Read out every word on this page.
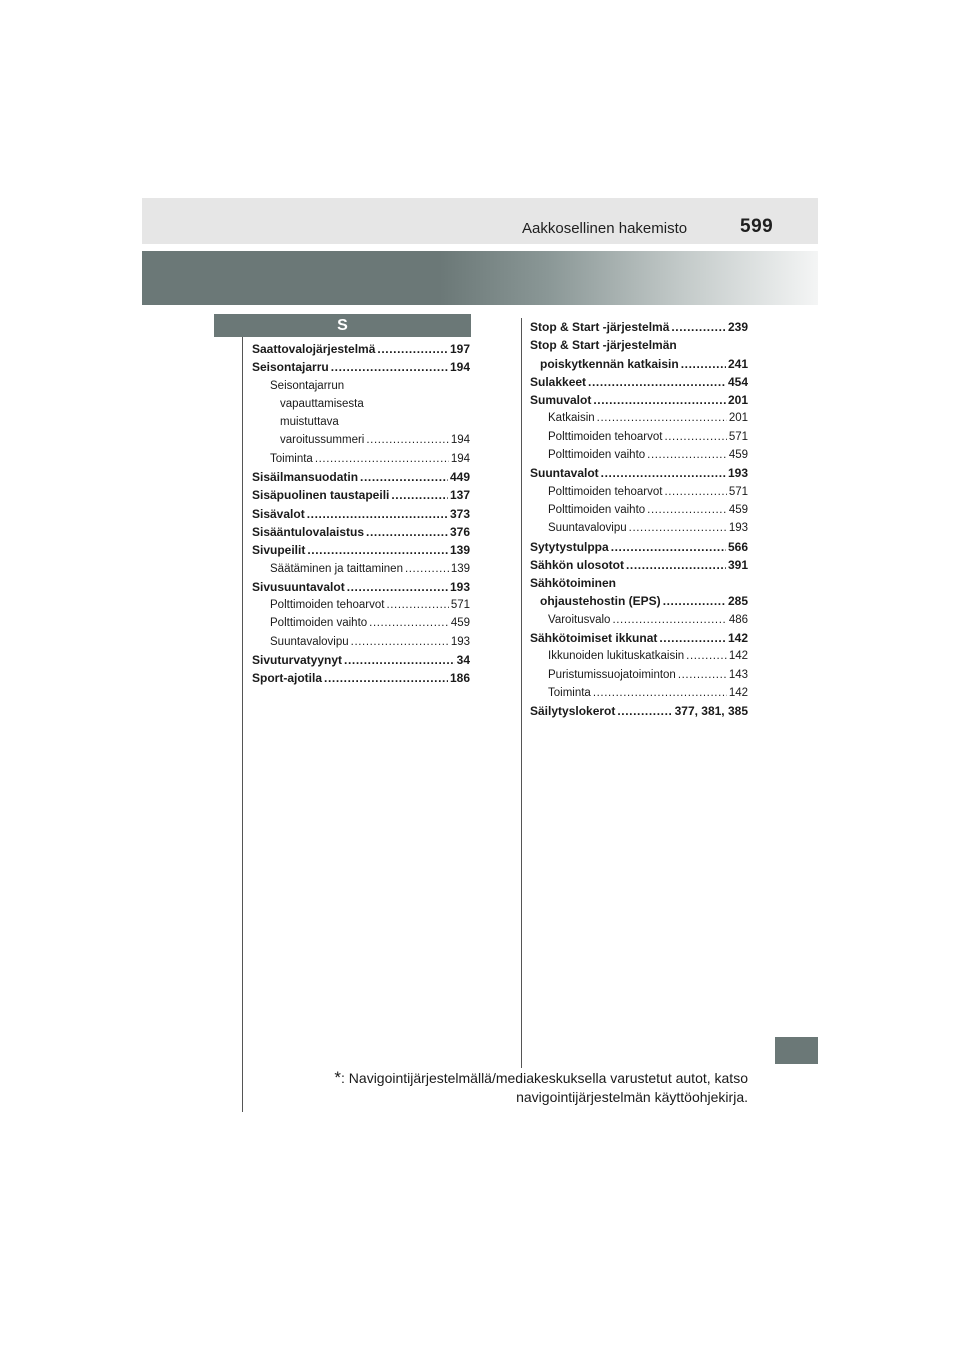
Aakkosellinen hakemisto	599
S
Saattovalojärjestelmä .....	197
Seisontajarru .....	194
Seisontajarrun
vapauttamisesta
muistuttava
varoitussummeri .....	194
Toiminta .....	194
Sisäilmansuodatin .....	449
Sisäpuolinen taustapeili .....	137
Sisävalot .....	373
Sisääntulovalaistus .....	376
Sivupeilit .....	139
Säätäminen ja taittaminen .....	139
Sivusuuntavalot .....	193
Polttimoiden tehoarvot .....	571
Polttimoiden vaihto .....	459
Suuntavalovipu .....	193
Sivuturvatyynyt .....	34
Sport-ajotila .....	186
Stop & Start -järjestelmä .....	239
Stop & Start -järjestelmän
poiskytkennän katkaisin .....	241
Sulakkeet .....	454
Sumuvalot .....	201
Katkaisin .....	201
Polttimoiden tehoarvot .....	571
Polttimoiden vaihto .....	459
Suuntavalot .....	193
Polttimoiden tehoarvot .....	571
Polttimoiden vaihto .....	459
Suuntavalovipu .....	193
Sytytystulppa .....	566
Sähkön ulosotot .....	391
Sähkötoiminen
ohjaustehostin (EPS) .....	285
Varoitusvalo .....	486
Sähkötoimiset ikkunat .....	142
Ikkunoiden lukituskatkaisin .....	142
Puristumissuojatoiminton .....	143
Toiminta .....	142
Säilytyslokerot .....	377, 381, 385
*: Navigointijärjestelmällä/mediakeskuksella varustetut autot, katso
navigointijärjestelmän käyttöohjekirja.
